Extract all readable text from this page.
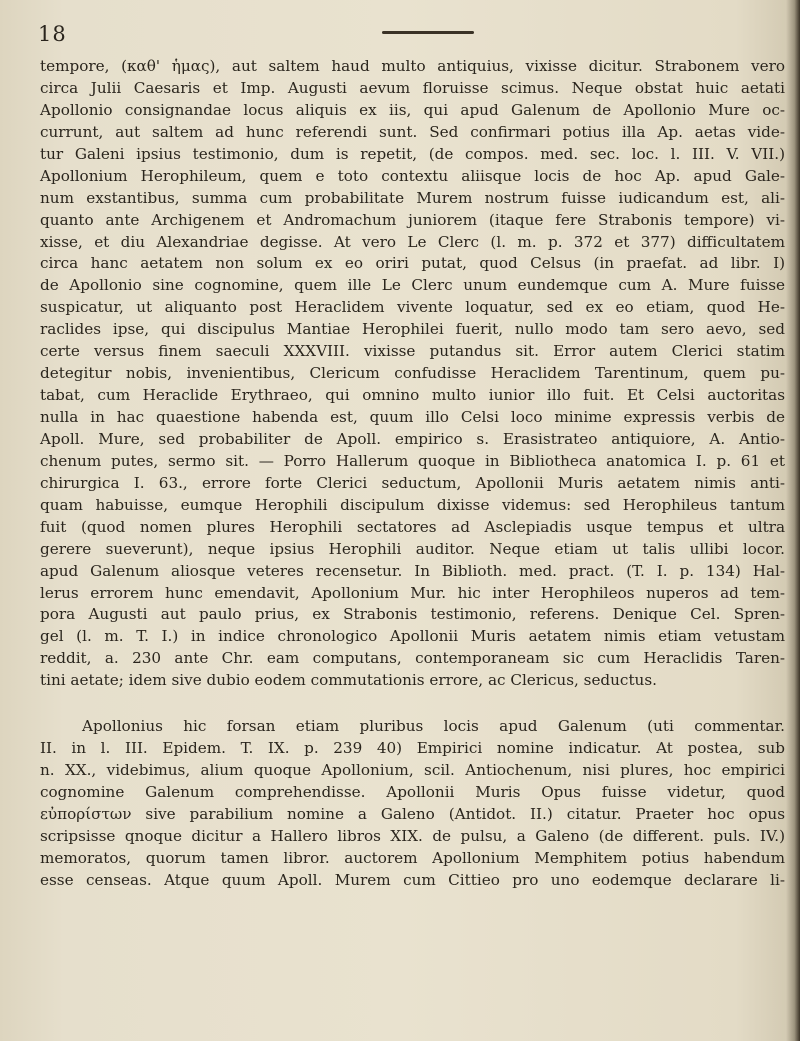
18
tempore, (καθ' ἡμας), aut saltem haud multo antiquius, vixisse dicitur. Strabonem vero
circa Julii Caesaris et Imp. Augusti aevum floruisse scimus. Neque obstat huic aetati
Apollonio consignandae locus aliquis ex iis, qui apud Galenum de Apollonio Mure oc-
currunt, aut saltem ad hunc referendi sunt. Sed confirmari potius illa Ap. aetas vide-
tur Galeni ipsius testimonio, dum is repetit, (de compos. med. sec. loc. l. III. V. VII.)
Apollonium Herophileum, quem e toto contextu aliisque locis de hoc Ap. apud Gale-
num exstantibus, summa cum probabilitate Murem nostrum fuisse iudicandum est, ali-
quanto ante Archigenem et Andromachum juniorem (itaque fere Strabonis tempore) vi-
xisse, et diu Alexandriae degisse. At vero Le Clerc (l. m. p. 372 et 377) difficultatem
circa hanc aetatem non solum ex eo oriri putat, quod Celsus (in praefat. ad libr. I)
de Apollonio sine cognomine, quem ille Le Clerc unum eundemque cum A. Mure fuisse
suspicatur, ut aliquanto post Heraclidem vivente loquatur, sed ex eo etiam, quod He-
raclides ipse, qui discipulus Mantiae Herophilei fuerit, nullo modo tam sero aevo, sed
certe versus finem saeculi XXXVIII. vixisse putandus sit. Error autem Clerici statim
detegitur nobis, invenientibus, Clericum confudisse Heraclidem Tarentinum, quem pu-
tabat, cum Heraclide Erythraeo, qui omnino multo iunior illo fuit. Et Celsi auctoritas
nulla in hac quaestione habenda est, quum illo Celsi loco minime expressis verbis de
Apoll. Mure, sed probabiliter de Apoll. empirico s. Erasistrateo antiquiore, A. Antio-
chenum putes, sermo sit. — Porro Hallerum quoque in Bibliotheca anatomica I. p. 61 et
chirurgica I. 63., errore forte Clerici seductum, Apollonii Muris aetatem nimis anti-
quam habuisse, eumque Herophili discipulum dixisse videmus: sed Herophileus tantum
fuit (quod nomen plures Herophili sectatores ad Asclepiadis usque tempus et ultra
gerere sueverunt), neque ipsius Herophili auditor. Neque etiam ut talis ullibi locor.
apud Galenum aliosque veteres recensetur. In Biblioth. med. pract. (T. I. p. 134) Hal-
lerus errorem hunc emendavit, Apollonium Mur. hic inter Herophileos nuperos ad tem-
pora Augusti aut paulo prius, ex Strabonis testimonio, referens. Denique Cel. Spren-
gel (l. m. T. I.) in indice chronologico Apollonii Muris aetatem nimis etiam vetustam
reddit, a. 230 ante Chr. eam computans, contemporaneam sic cum Heraclidis Taren-
tini aetate; idem sive dubio eodem commutationis errore, ac Clericus, seductus.
Apollonius hic forsan etiam pluribus locis apud Galenum (uti commentar.
II. in l. III. Epidem. T. IX. p. 239 40) Empirici nomine indicatur. At postea, sub
n. XX., videbimus, alium quoque Apollonium, scil. Antiochenum, nisi plures, hoc empirici
cognomine Galenum comprehendisse. Apollonii Muris Opus fuisse videtur, quod
εὐπορίστων sive parabilium nomine a Galeno (Antidot. II.) citatur. Praeter hoc opus
scripsisse qnoque dicitur a Hallero libros XIX. de pulsu, a Galeno (de different. puls. IV.)
memoratos, quorum tamen libror. auctorem Apollonium Memphitem potius habendum
esse censeas. Atque quum Apoll. Murem cum Cittieo pro uno eodemque declarare li-
